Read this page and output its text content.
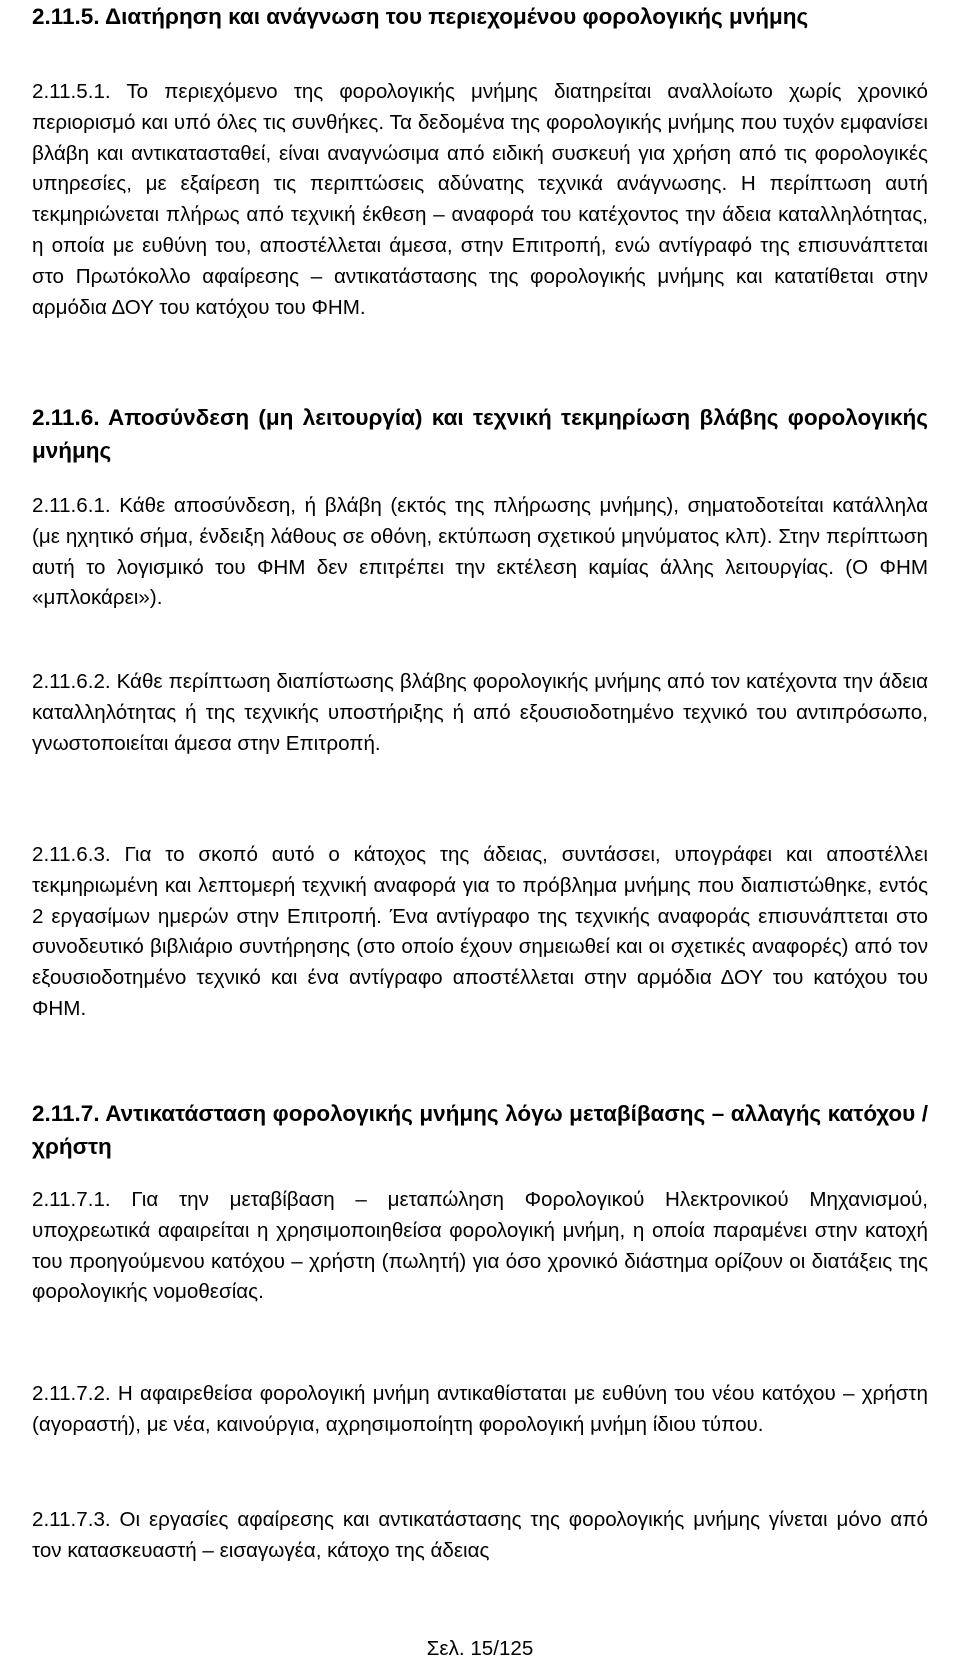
2.11.5. Διατήρηση και ανάγνωση του περιεχομένου φορολογικής μνήμης

2.11.5.1. Το περιεχόμενο της φορολογικής μνήμης διατηρείται αναλλοίωτο χωρίς χρονικό περιορισμό και υπό όλες τις συνθήκες. Τα δεδομένα της φορολογικής μνήμης που τυχόν εμφανίσει βλάβη και αντικατασταθεί, είναι αναγνώσιμα από ειδική συσκευή για χρήση από τις φορολογικές υπηρεσίες, με εξαίρεση τις περιπτώσεις αδύνατης τεχνικά ανάγνωσης. Η περίπτωση αυτή τεκμηριώνεται πλήρως από τεχνική έκθεση – αναφορά του κατέχοντος την άδεια καταλληλότητας, η οποία με ευθύνη του, αποστέλλεται άμεσα, στην Επιτροπή, ενώ αντίγραφό της επισυνάπτεται στο Πρωτόκολλο αφαίρεσης – αντικατάστασης της φορολογικής μνήμης και κατατίθεται στην αρμόδια ΔΟΥ του κατόχου του ΦΗΜ.

2.11.6. Αποσύνδεση (μη λειτουργία) και τεχνική τεκμηρίωση βλάβης φορολογικής μνήμης

2.11.6.1. Κάθε αποσύνδεση, ή βλάβη (εκτός της πλήρωσης μνήμης), σηματοδοτείται κατάλληλα (με ηχητικό σήμα, ένδειξη λάθους σε οθόνη, εκτύπωση σχετικού μηνύματος κλπ). Στην περίπτωση αυτή το λογισμικό του ΦΗΜ δεν επιτρέπει την εκτέλεση καμίας άλλης λειτουργίας. (Ο ΦΗΜ «μπλοκάρει»).

2.11.6.2. Κάθε περίπτωση διαπίστωσης βλάβης φορολογικής μνήμης από τον κατέχοντα την άδεια καταλληλότητας ή της τεχνικής υποστήριξης ή από εξουσιοδοτημένο τεχνικό του αντιπρόσωπο, γνωστοποιείται άμεσα στην Επιτροπή.

2.11.6.3. Για το σκοπό αυτό ο κάτοχος της άδειας, συντάσσει, υπογράφει και αποστέλλει τεκμηριωμένη και λεπτομερή τεχνική αναφορά για το πρόβλημα μνήμης που διαπιστώθηκε, εντός 2 εργασίμων ημερών στην Επιτροπή. Ένα αντίγραφο της τεχνικής αναφοράς επισυνάπτεται στο συνοδευτικό βιβλιάριο συντήρησης (στο οποίο έχουν σημειωθεί και οι σχετικές αναφορές) από τον εξουσιοδοτημένο τεχνικό και ένα αντίγραφο αποστέλλεται στην αρμόδια ΔΟΥ του κατόχου του ΦΗΜ.

2.11.7. Αντικατάσταση φορολογικής μνήμης λόγω μεταβίβασης – αλλαγής κατόχου / χρήστη

2.11.7.1. Για την μεταβίβαση – μεταπώληση Φορολογικού Ηλεκτρονικού Μηχανισμού, υποχρεωτικά αφαιρείται η χρησιμοποιηθείσα φορολογική μνήμη, η οποία παραμένει στην κατοχή του προηγούμενου κατόχου – χρήστη (πωλητή) για όσο χρονικό διάστημα ορίζουν οι διατάξεις της φορολογικής νομοθεσίας.

2.11.7.2. Η αφαιρεθείσα φορολογική μνήμη αντικαθίσταται με ευθύνη του νέου κατόχου – χρήστη (αγοραστή), με νέα, καινούργια, αχρησιμοποίητη φορολογική μνήμη ίδιου τύπου.

2.11.7.3. Οι εργασίες αφαίρεσης και αντικατάστασης της φορολογικής μνήμης γίνεται μόνο από τον κατασκευαστή – εισαγωγέα, κάτοχο της άδειας

Σελ. 15/125
